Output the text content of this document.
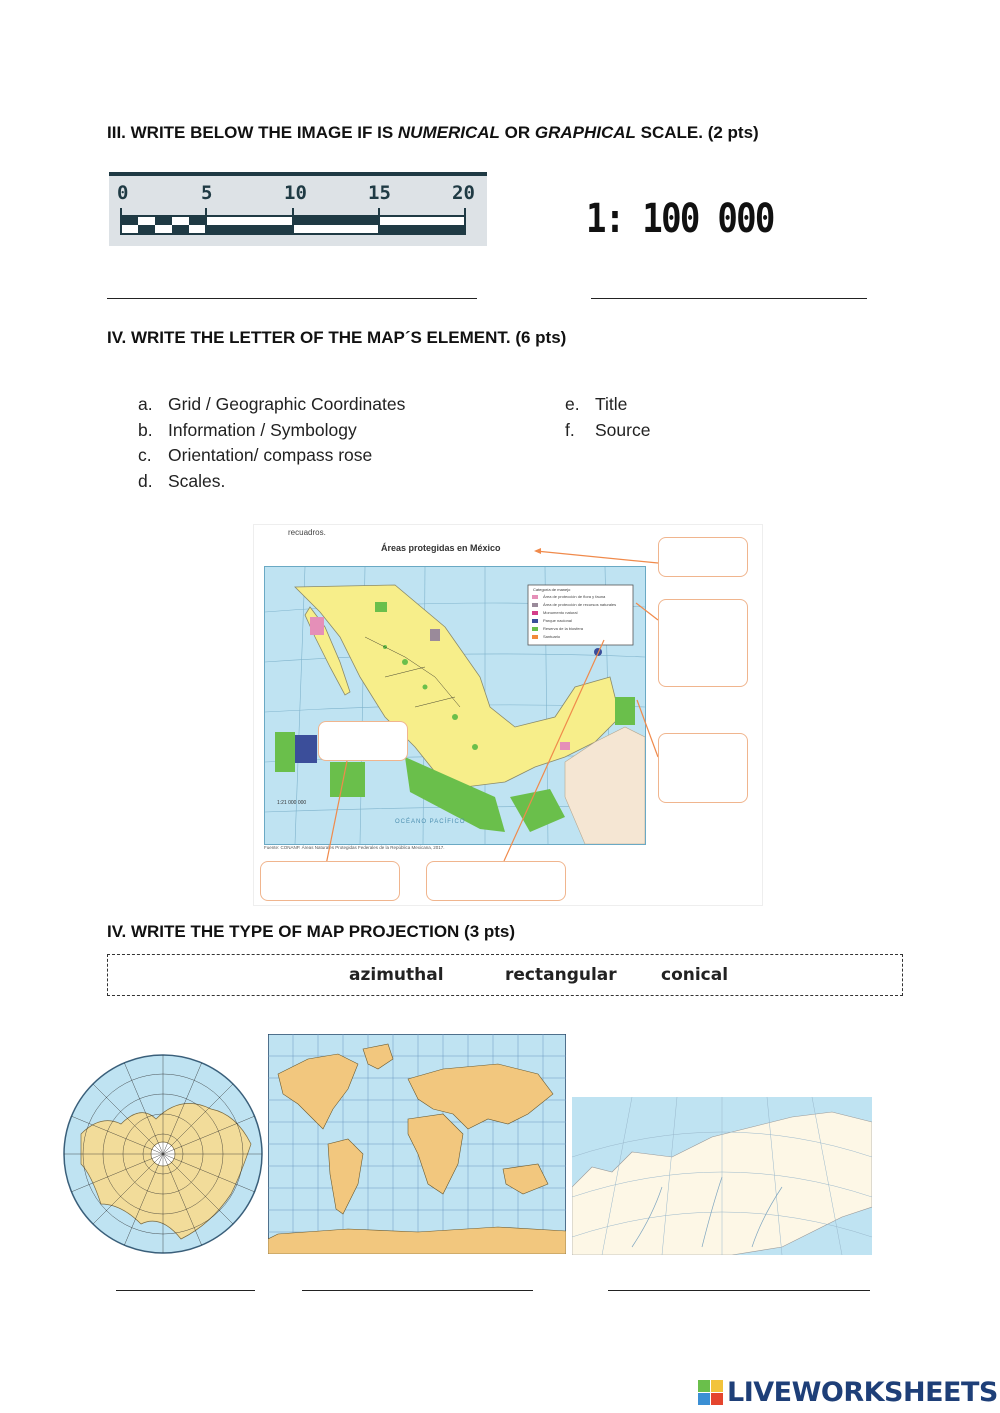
III. WRITE BELOW THE IMAGE IF IS NUMERICAL OR GRAPHICAL SCALE. (2 pts)
0	5	10	15	20
1: 100 000
IV. WRITE THE LETTER OF THE MAP´S ELEMENT. (6 pts)
a. Grid / Geographic Coordinates
b. Information / Symbology
c. Orientation/ compass rose
d. Scales.
e. Title
f.	Source
recuadros.
Áreas protegidas en México
Categoría de manejo
Área de protección de flora y fauna
Área de protección de recursos naturales
Monumento natural
Parque nacional
Reserva de la biosfera
Santuario
1:21 000 000
OCÉANO PACÍFICO
Fuente: CONANP. Áreas Naturales Protegidas Federales de la República Mexicana, 2017.
IV. WRITE THE TYPE OF MAP PROJECTION (3 pts)
azimuthal	rectangular	conical
LIVEWORKSHEETS
